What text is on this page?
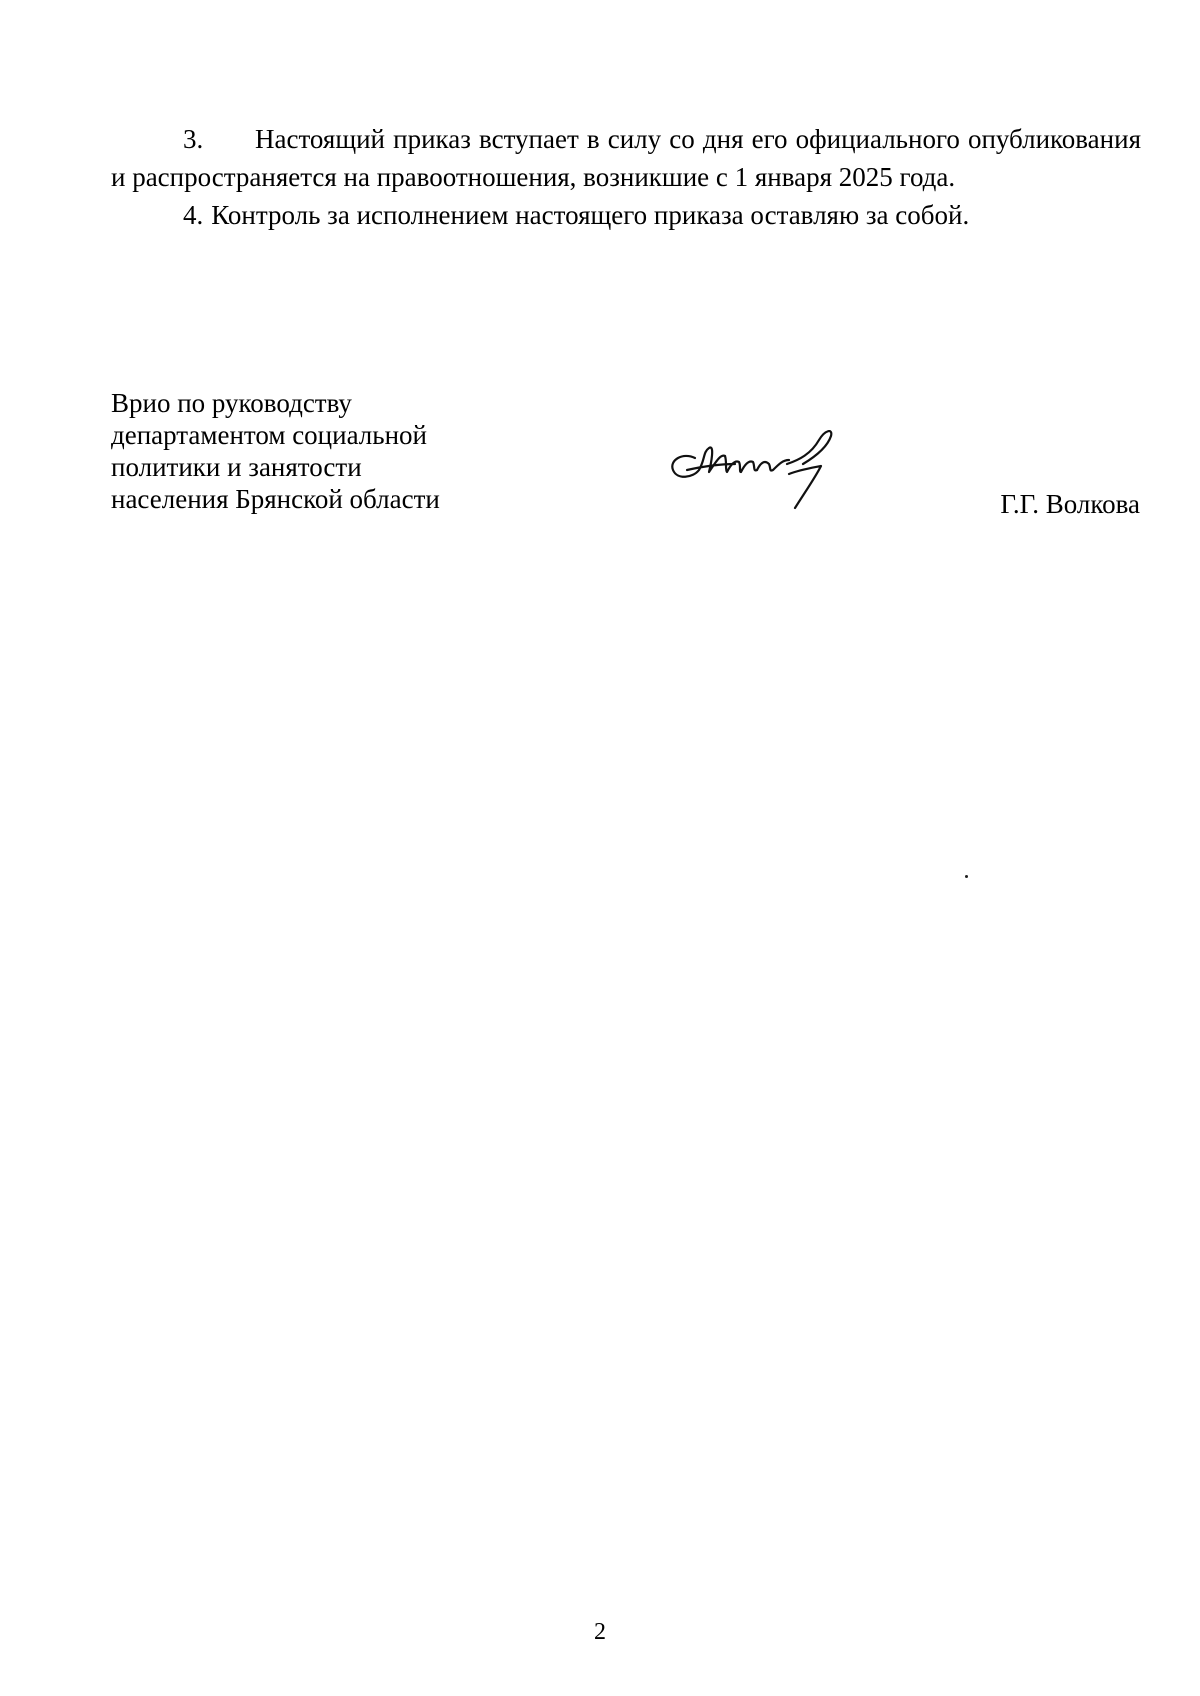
3. Настоящий приказ вступает в силу со дня его официального опубликования и распространяется на правоотношения, возникшие с 1 января 2025 года.

4. Контроль за исполнением настоящего приказа оставляю за собой.

Врио по руководству
департаментом социальной
политики и занятости
населения Брянской области	Г.Г. Волкова
2
